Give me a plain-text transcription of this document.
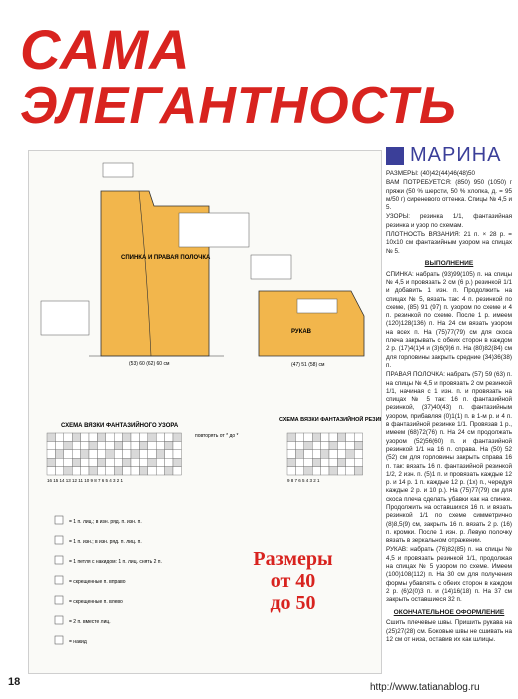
САМА
ЭЛЕГАНТНОСТЬ
МАРИНА
СПИНКА И ПРАВАЯ ПОЛОЧКА
(53) 60 (62) 60 см
РУКАВ
(47) 51 (58) см
СХЕМА ВЯЗКИ ФАНТАЗИЙНОГО УЗОРА
16 15 14 13 12 11 10 9 8 7 6 5 4 3 2 1
повторять от * до *
СХЕМА ВЯЗКИ ФАНТАЗИЙНОЙ РЕЗИНКИ
9 8 7 6 5 4 3 2 1
= 1 п. лиц.; в изн. ряд. п. изн. п.
= 1 п. изн.; в изн. ряд. п. лиц. п.
= 1 петля с накидом: 1 п. лиц. снять 2 п.
= скрещенные п. вправо
= скрещенные п. влево
= 2 п. вместе лиц.
= накид
Размеры
от 40
до 50

РАЗМЕРЫ: (40)42(44)46(48)50

ВАМ ПОТРЕБУЕТСЯ: (850) 950 (1050) г пряжи (50 % шерсти, 50 % хлопка, д. = 95 м/50 г) сиреневого оттенка. Спицы № 4,5 и 5.

УЗОРЫ: резинка 1/1, фантазийная резинка и узор по схемам.

ПЛОТНОСТЬ ВЯЗАНИЯ: 21 п. × 28 р. = 10х10 см фантазийным узором на спицах № 5.

ВЫПОЛНЕНИЕ

СПИНКА: набрать (93)99(105) п. на спицы № 4,5 и провязать 2 см (6 р.) резинкой 1/1 и добавить 1 изн. п. Продолжить на спицах № 5, вязать так: 4 п. резинкой по схеме, (85) 91 (97) п. узором по схеме и 4 п. резинкой по схеме. После 1 р. имеем (120)128(136) п. На 24 см вязать узором на всех п. На (75)77(79) см для скоса плеча закрывать с обеих сторон в каждом 2 р. (17)4(1)4 и (3)6(9)6 п. На (80)82(84) см для горловины закрыть средние (34)36(38) п.

ПРАВАЯ ПОЛОЧКА: набрать (57) 59 (63) п. на спицы № 4,5 и провязать 2 см резинкой 1/1, начиная с 1 изн. п. и провязать на спицах № 5 так: 16 п. фантазийной резинкой, (37)40(43) п. фантазийным узором, прибавляя (0)1(1) п. в 1-м р. и 4 п. в фантазийной резинке 1/1. Провязав 1 р., имеем (68)72(76) п. На 24 см продолжать узором (52)56(60) п. и фантазийной резинкой 1/1 на 16 п. справа. На (50) 52 (52) см для горловины закрыть справа 16 п. так: вязать 16 п. фантазийной резинкой 1/2, 2 изн. п. (5)1 п. и провязать каждые 12 р. и 14 р. 1 п. каждые 12 р. (1х) п., чередуя каждые 2 р. и 10 р.). На (75)77(79) см для скоса плеча сделать убавки как на спинке. Продолжить на оставшихся 16 п. и вязать резинкой 1/1 по схеме симметрично (8)8,5(9) см, закрыть 16 п. вязать 2 р. (16) п. кромки. После 1 изн. р. Левую полочку вязать в зеркальном отражении.

РУКАВ: набрать (76)82(85) п. на спицы № 4,5 и провязать резинкой 1/1, продолжая на спицах № 5 узором по схеме. Имеем (100)108(112) п. На 30 см для получения формы убавлять с обеих сторон в каждом 2 р. (6)2(0)3 п. и (14)16(18) п. На 37 см закрыть оставшиеся 32 п.

ОКОНЧАТЕЛЬНОЕ ОФОРМЛЕНИЕ

Сшить плечевые швы. Пришить рукава на (25)27(28) см. Боковые швы не сшивать на 12 см от низа, оставив их как шлицы.

18	http://www.tatianablog.ru
